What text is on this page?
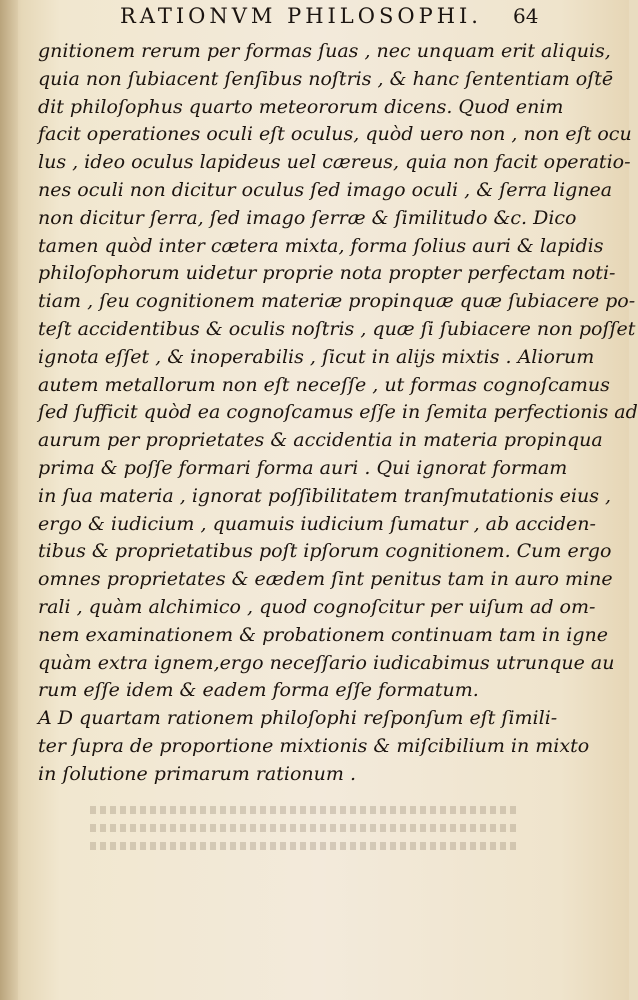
RATIONVM PHILOSOPHI. 64
gnitionem rerum per formas ſuas , nec unquam erit aliquis,
quia non ſubiacent ſenſibus noſtris , & hanc ſententiam oſtē
dit philoſophus quarto meteororum dicens. Quod enim
facit operationes oculi eſt oculus, quòd uero non , non eſt ocu
lus , ideo oculus lapideus uel cæreus, quia non facit operatio-
nes oculi non dicitur oculus ſed imago oculi , & ſerra lignea
non dicitur ſerra, ſed imago ſerræ & ſimilitudo &c. Dico
tamen quòd inter cætera mixta, forma ſolius auri & lapidis
philoſophorum uidetur proprie nota propter perfectam noti-
tiam , ſeu cognitionem materiæ propinquæ quæ ſubiacere po-
teſt accidentibus & oculis noſtris , quæ ſi ſubiacere non poſſet
ignota eſſet , & inoperabilis , ſicut in alijs mixtis . Aliorum
autem metallorum non eſt neceſſe , ut formas cognoſcamus
ſed ſufficit quòd ea cognoſcamus eſſe in ſemita perfectionis ad
aurum per proprietates & accidentia in materia propinqua
prima & poſſe formari forma auri . Qui ignorat formam
in ſua materia , ignorat poſſibilitatem tranſmutationis eius ,
ergo & iudicium , quamuis iudicium ſumatur , ab acciden-
tibus & proprietatibus poſt ipſorum cognitionem. Cum ergo
omnes proprietates & eædem ſint penitus tam in auro mine
rali , quàm alchimico , quod cognoſcitur per uiſum ad om-
nem examinationem & probationem continuam tam in igne
quàm extra ignem,ergo neceſſario iudicabimus utrunque au
rum eſſe idem & eadem forma eſſe formatum.
A D quartam rationem philoſophi reſponſum eſt ſimili-
ter ſupra de proportione mixtionis & miſcibilium in mixto
in ſolutione primarum rationum .
